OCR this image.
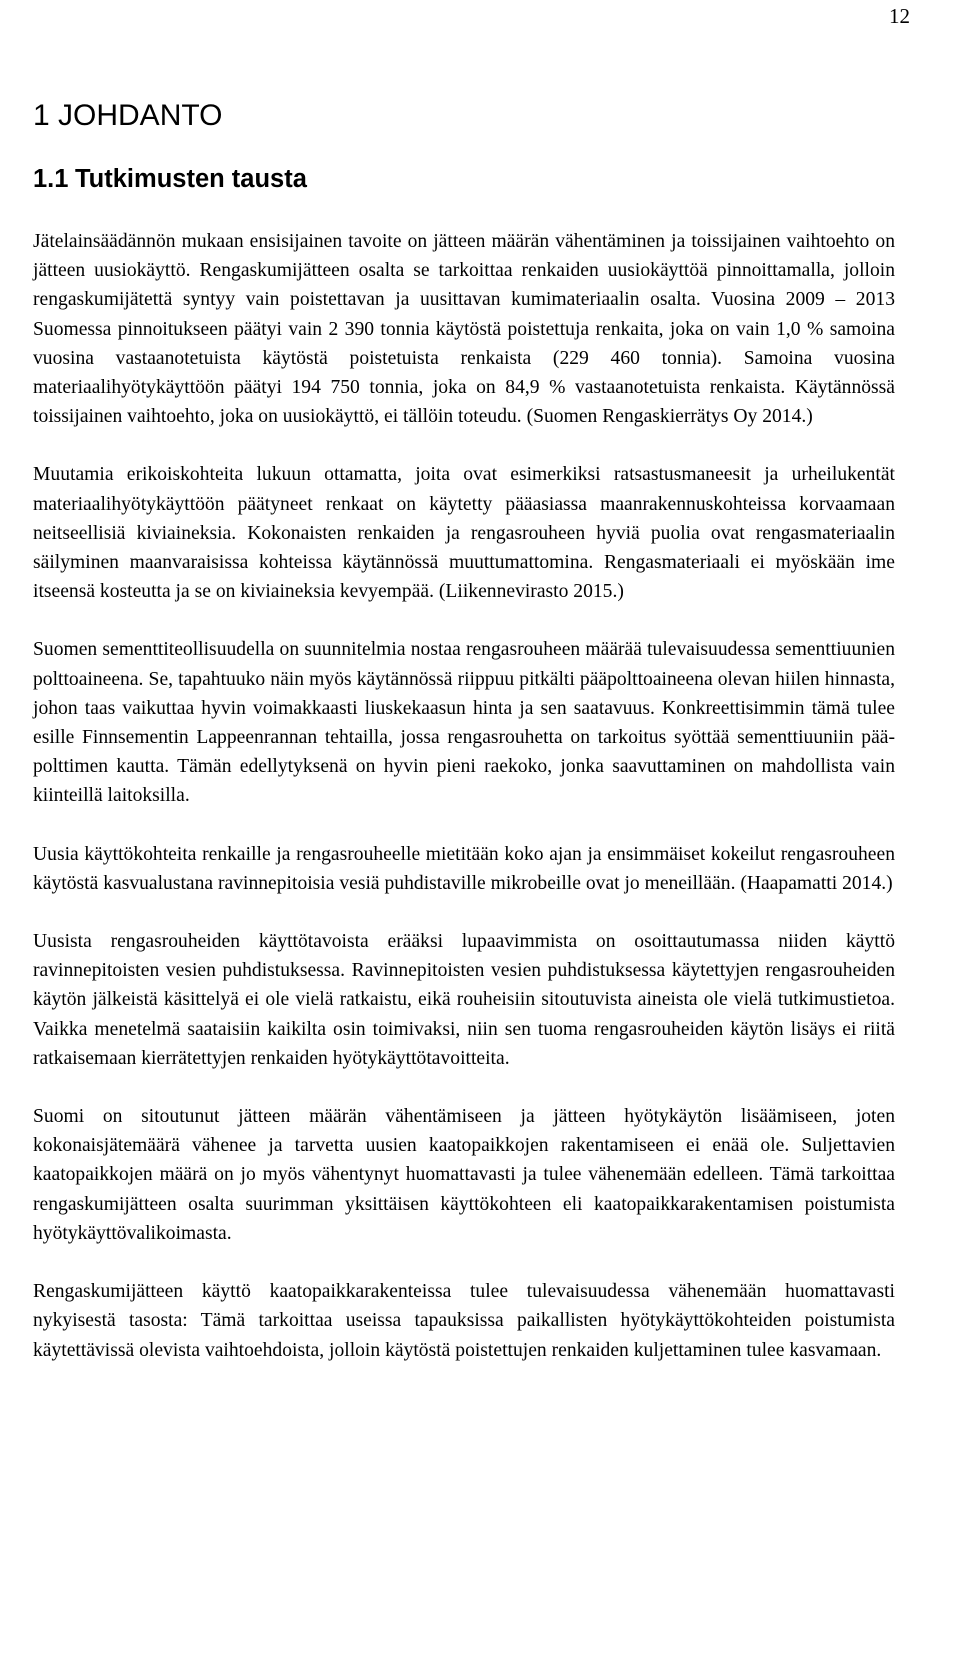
12
1 JOHDANTO
1.1 Tutkimusten tausta

Jätelainsäädännön mukaan ensisijainen tavoite on jätteen määrän vähentäminen ja toissijainen vaihtoehto on jätteen uusiokäyttö. Rengaskumijätteen osalta se tarkoittaa renkaiden uusiokäyttöä pinnoittamalla, jolloin rengaskumijätettä syntyy vain poistettavan ja uusittavan kumimateriaalin osalta. Vuosina 2009 – 2013 Suomessa pinnoitukseen päätyi vain 2 390 tonnia käytöstä poistettuja renkaita, joka on vain 1,0 % samoina vuosina vastaanotetuista käytöstä poistetuista renkaista (229 460 tonnia). Samoina vuosina materiaalihyötykäyttöön päätyi 194 750 tonnia, joka on 84,9 % vastaanotetuista renkaista. Käytännössä toissijainen vaihtoehto, joka on uusiokäyttö, ei tällöin toteudu. (Suomen Rengaskierrätys Oy 2014.)

Muutamia erikoiskohteita lukuun ottamatta, joita ovat esimerkiksi ratsastusmaneesit ja urheilukentät materiaalihyötykäyttöön päätyneet renkaat on käytetty pääasiassa maanrakennuskohteissa korvaamaan neitseellisiä kiviaineksia. Kokonaisten renkaiden ja rengasrouheen hyviä puolia ovat rengasmateriaalin säilyminen maanvaraisissa kohteissa käytännössä muuttumattomina. Rengasmateriaali ei myöskään ime itseensä kosteutta ja se on kiviaineksia kevyempää. (Liikennevirasto 2015.)

Suomen sementtiteollisuudella on suunnitelmia nostaa rengasrouheen määrää tulevaisuudessa sementtiuunien polttoaineena. Se, tapahtuuko näin myös käytännössä riippuu pitkälti pääpolttoaineena olevan hiilen hinnasta, johon taas vaikuttaa hyvin voimakkaasti liuskekaasun hinta ja sen saatavuus. Konkreettisimmin tämä tulee esille Finnsementin Lappeenrannan tehtailla, jossa rengasrouhetta on tarkoitus syöttää sementtiuuniin pääpolttimen kautta. Tämän edellytyksenä on hyvin pieni raekoko, jonka saavuttaminen on mahdollista vain kiinteillä laitoksilla.

Uusia käyttökohteita renkaille ja rengasrouheelle mietitään koko ajan ja ensimmäiset kokeilut rengasrouheen käytöstä kasvualustana ravinnepitoisia vesiä puhdistaville mikrobeille ovat jo meneillään. (Haapamatti 2014.)

Uusista rengasrouheiden käyttötavoista erääksi lupaavimmista on osoittautumassa niiden käyttö ravinnepitoisten vesien puhdistuksessa. Ravinnepitoisten vesien puhdistuksessa käytettyjen rengasrouheiden käytön jälkeistä käsittelyä ei ole vielä ratkaistu, eikä rouheisiin sitoutuvista aineista ole vielä tutkimustietoa. Vaikka menetelmä saataisiin kaikilta osin toimivaksi, niin sen tuoma rengasrouheiden käytön lisäys ei riitä ratkaisemaan kierrätettyjen renkaiden hyötykäyttötavoitteita.

Suomi on sitoutunut jätteen määrän vähentämiseen ja jätteen hyötykäytön lisäämiseen, joten kokonaisjätemäärä vähenee ja tarvetta uusien kaatopaikkojen rakentamiseen ei enää ole. Suljettavien kaatopaikkojen määrä on jo myös vähentynyt huomattavasti ja tulee vähenemään edelleen. Tämä tarkoittaa rengaskumijätteen osalta suurimman yksittäisen käyttökohteen eli kaatopaikkarakentamisen poistumista hyötykäyttövalikoimasta.

Rengaskumijätteen käyttö kaatopaikkarakenteissa tulee tulevaisuudessa vähenemään huomattavasti nykyisestä tasosta: Tämä tarkoittaa useissa tapauksissa paikallisten hyötykäyttökohteiden poistumista käytettävissä olevista vaihtoehdoista, jolloin käytöstä poistettujen renkaiden kuljettaminen tulee kasvamaan.
